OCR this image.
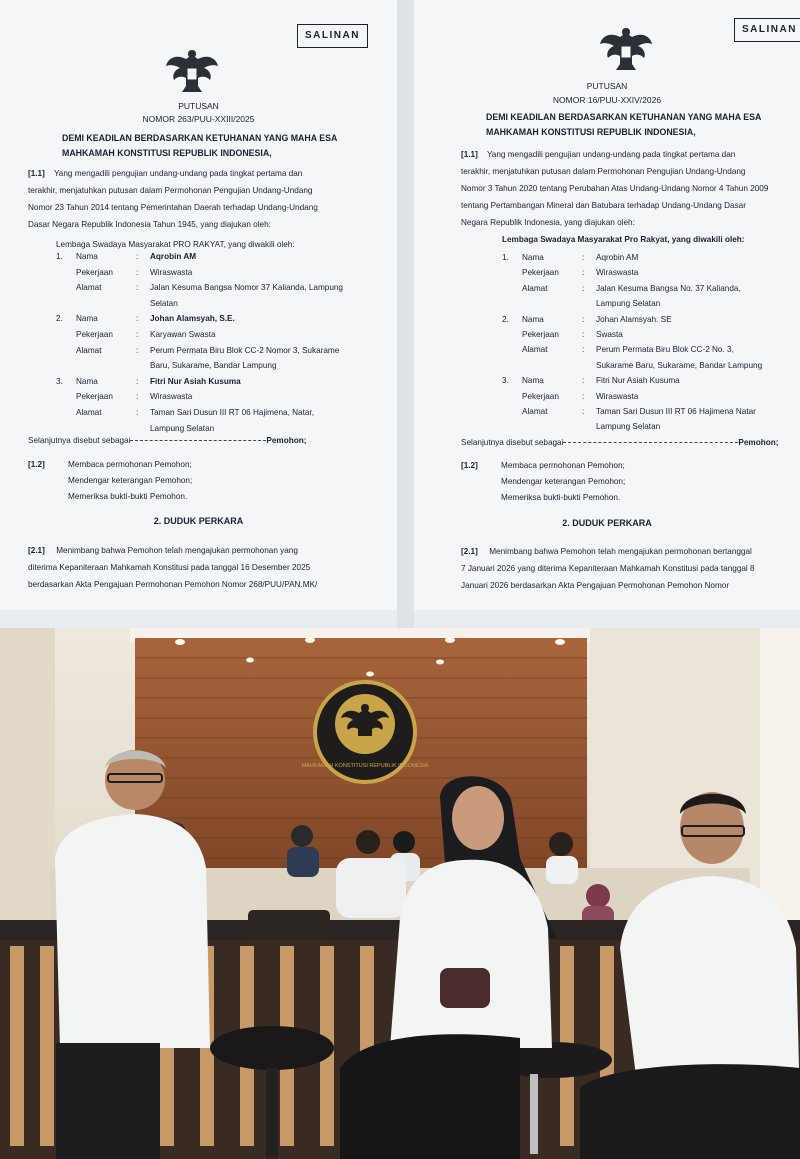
SALINAN
PUTUSAN
NOMOR 263/PUU-XXIII/2025
DEMI KEADILAN BERDASARKAN KETUHANAN YANG MAHA ESA
MAHKAMAH KONSTITUSI REPUBLIK INDONESIA,
[1.1] Yang mengadili pengujian undang-undang pada tingkat pertama dan
terakhir, menjatuhkan putusan dalam Permohonan Pengujian Undang-Undang
Nomor 23 Tahun 2014 tentang Pemerintahan Daerah terhadap Undang-Undang
Dasar Negara Republik Indonesia Tahun 1945, yang diajukan oleh:
Lembaga Swadaya Masyarakat PRO RAKYAT, yang diwakili oleh:
1.	Nama	:	Aqrobin AM
Pekerjaan	:	Wiraswasta
Alamat	:	Jalan Kesuma Bangsa Nomor 37 Kalianda, Lampung
Selatan
2.	Nama	:	Johan Alamsyah, S.E.
Pekerjaan	:	Karyawan Swasta
Alamat	:	Perum Permata Biru Blok CC-2 Nomor 3, Sukarame
Baru, Sukarame, Bandar Lampung
3.	Nama	:	Fitri Nur Asiah Kusuma
Pekerjaan	:	Wiraswasta
Alamat	:	Taman Sari Dusun III RT 06 Hajimena, Natar,
Lampung Selatan
Selanjutnya disebut sebagai	Pemohon;
[1.2]	Membaca permohonan Pemohon;
Mendengar keterangan Pemohon;
Memeriksa bukti-bukti Pemohon.
2. DUDUK PERKARA
[2.1] Menimbang bahwa Pemohon telah mengajukan permohonan yang
diterima Kepaniteraan Mahkamah Konstitusi pada tanggal 16 Desember 2025
berdasarkan Akta Pengajuan Permohonan Pemohon Nomor 268/PUU/PAN.MK/
SALINAN
PUTUSAN
NOMOR 16/PUU-XXIV/2026
DEMI KEADILAN BERDASARKAN KETUHANAN YANG MAHA ESA
MAHKAMAH KONSTITUSI REPUBLIK INDONESIA,
[1.1] Yang mengadili pengujian undang-undang pada tingkat pertama dan
terakhir, menjatuhkan putusan dalam Permohonan Pengujian Undang-Undang
Nomor 3 Tahun 2020 tentang Perubahan Atas Undang-Undang Nomor 4 Tahun 2009
tentang Pertambangan Mineral dan Batubara terhadap Undang-Undang Dasar
Negara Republik Indonesia, yang diajukan oleh:
Lembaga Swadaya Masyarakat Pro Rakyat, yang diwakili oleh:
1.	Nama	:	Aqrobin AM
Pekerjaan	:	Wiraswasta
Alamat	:	Jalan Kesuma Bangsa No. 37 Kalianda,
Lampung Selatan
2.	Nama	:	Johan Alamsyah. SE
Pekerjaan	:	Swasta
Alamat	:	Perum Permata Biru Blok CC-2 No. 3,
Sukarame Baru, Sukarame, Bandar Lampung
3.	Nama	:	Fitri Nur Asiah Kusuma
Pekerjaan	:	Wiraswasta
Alamat	:	Taman Sari Dusun III RT 06 Hajimena Natar
Lampung Selatan
Selanjutnya disebut sebagai	Pemohon;
[1.2]	Membaca permohonan Pemohon;
Mendengar keterangan Pemohon;
Memeriksa bukti-bukti Pemohon.
2. DUDUK PERKARA
[2.1] Menimbang bahwa Pemohon telah mengajukan permohonan bertanggal
7 Januari 2026 yang diterima Kepaniteraan Mahkamah Konstitusi pada tanggal 8
Januari 2026 berdasarkan Akta Pengajuan Permohonan Pemohon Nomor
MAHKAMAH KONSTITUSI REPUBLIK INDONESIA
